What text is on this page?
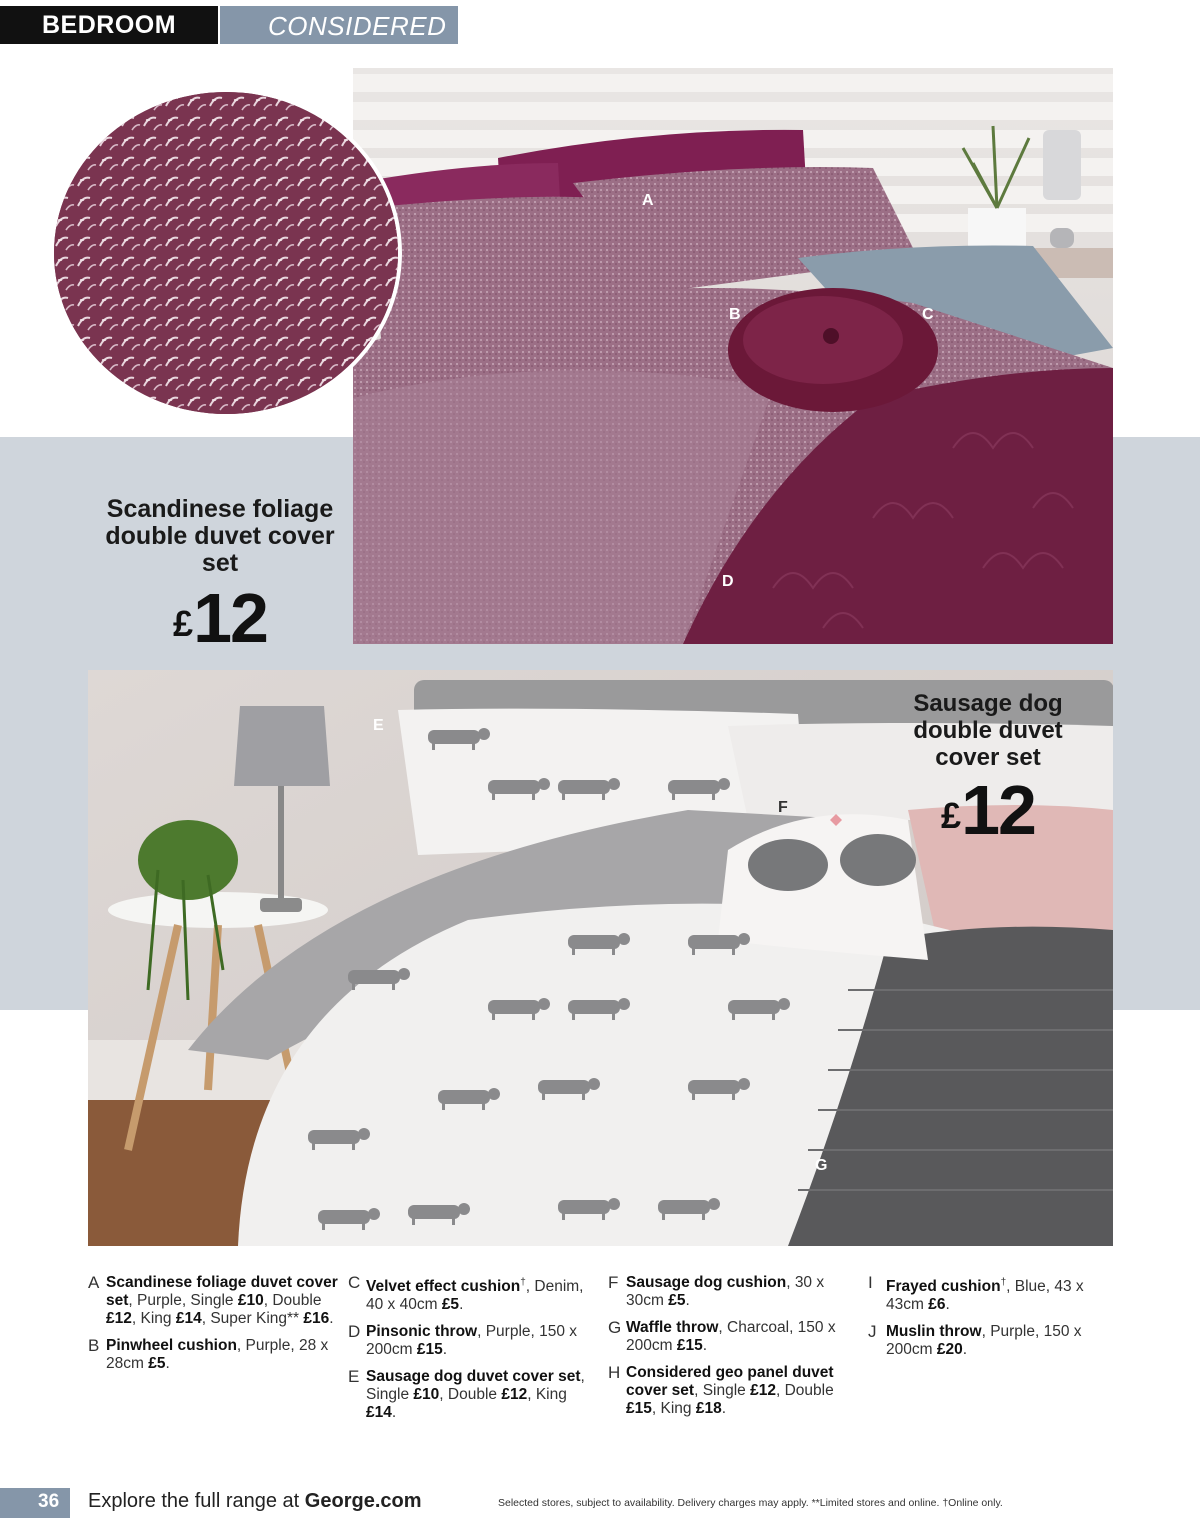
BEDROOM	CONSIDERED
Scandinese foliage double duvet cover set
£12
Sausage dog double duvet cover set
£12
A
B	C
D
E
F
G
A Scandinese foliage duvet cover set, Purple, Single £10, Double £12, King £14, Super King** £16.
B Pinwheel cushion, Purple, 28 x 28cm £5.
C Velvet effect cushion†, Denim, 40 x 40cm £5.
D Pinsonic throw, Purple, 150 x 200cm £15.
E Sausage dog duvet cover set, Single £10, Double £12, King £14.
F Sausage dog cushion, 30 x 30cm £5.
G Waffle throw, Charcoal, 150 x 200cm £15.
H Considered geo panel duvet cover set, Single £12, Double £15, King £18.
I Frayed cushion†, Blue, 43 x 43cm £6.
J Muslin throw, Purple, 150 x 200cm £20.
36 Explore the full range at George.com	Selected stores, subject to availability. Delivery charges may apply. **Limited stores and online. †Online only.
